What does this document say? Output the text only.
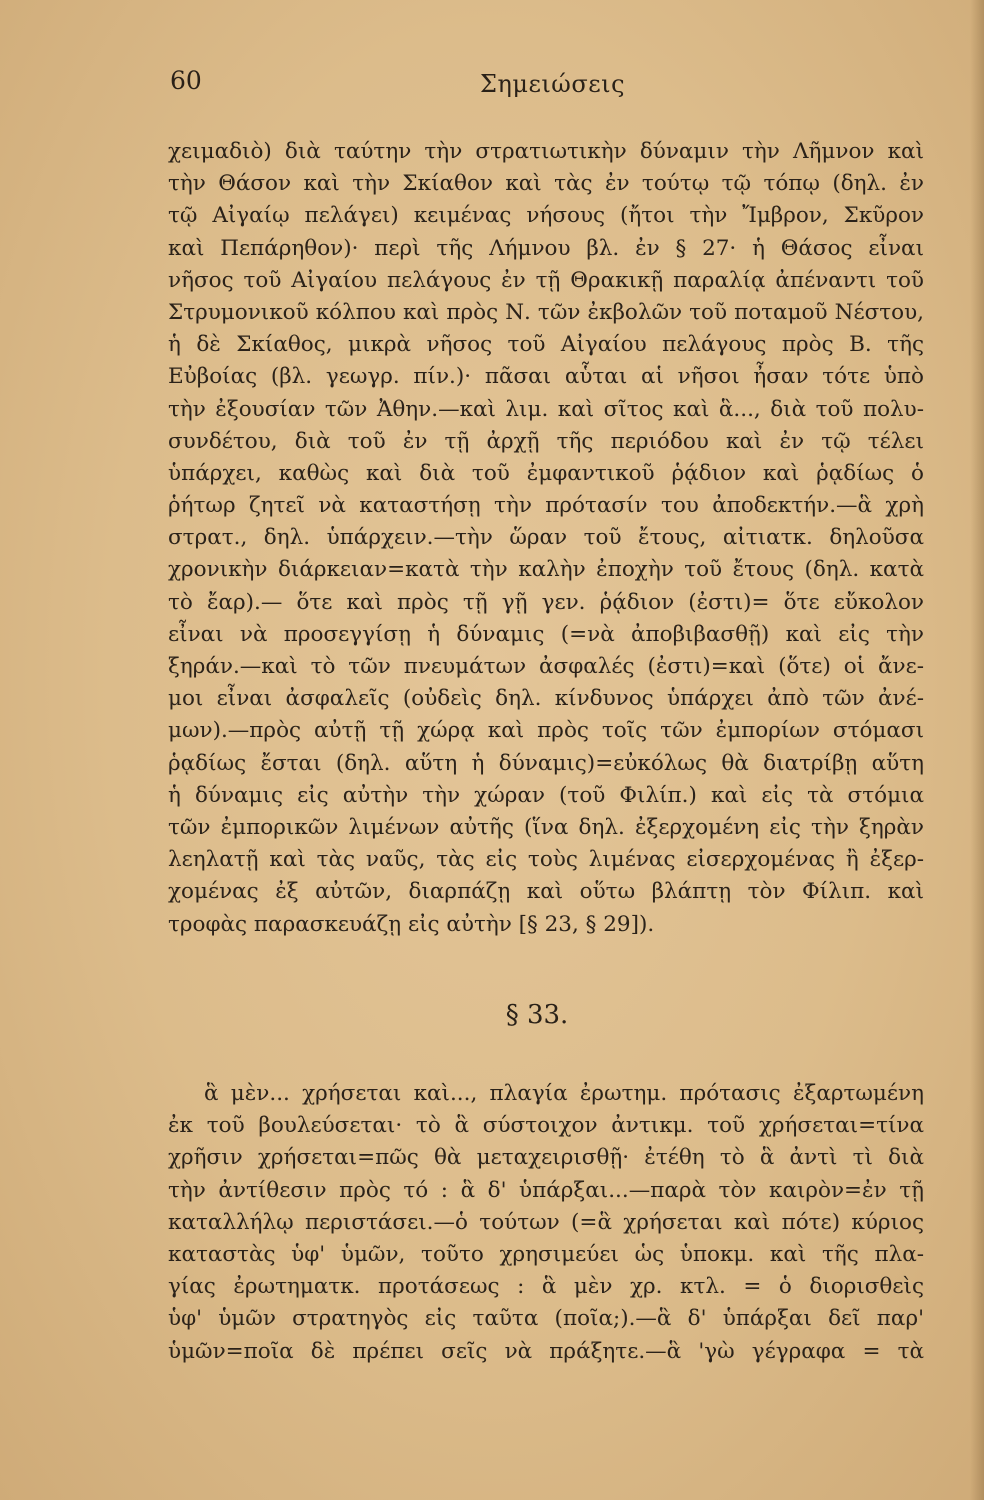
60	Σημειώσεις
χειμαδιὸ) διὰ ταύτην τὴν στρατιωτικὴν δύναμιν τὴν Λῆμνον καὶ
τὴν Θάσον καὶ τὴν Σκίαθον καὶ τὰς ἐν τούτῳ τῷ τόπῳ (δηλ. ἐν
τῷ Αἰγαίῳ πελάγει) κειμένας νήσους (ἤτοι τὴν Ἴμβρον, Σκῦρον
καὶ Πεπάρηθον)· περὶ τῆς Λήμνου βλ. ἐν § 27· ἡ Θάσος εἶναι
νῆσος τοῦ Αἰγαίου πελάγους ἐν τῇ Θρακικῇ παραλίᾳ ἀπέναντι τοῦ
Στρυμονικοῦ κόλπου καὶ πρὸς Ν. τῶν ἐκβολῶν τοῦ ποταμοῦ Νέστου,
ἡ δὲ Σκίαθος, μικρὰ νῆσος τοῦ Αἰγαίου πελάγους πρὸς Β. τῆς
Εὐβοίας (βλ. γεωγρ. πίν.)· πᾶσαι αὗται αἱ νῆσοι ἦσαν τότε ὑπὸ
τὴν ἐξουσίαν τῶν Ἀθην.—καὶ λιμ. καὶ σῖτος καὶ ἃ..., διὰ τοῦ πολυ-
συνδέτου, διὰ τοῦ ἐν τῇ ἀρχῇ τῆς περιόδου καὶ ἐν τῷ τέλει
ὑπάρχει, καθὼς καὶ διὰ τοῦ ἐμφαντικοῦ ῥᾴδιον καὶ ῥᾳδίως ὁ
ῥήτωρ ζητεῖ νὰ καταστήσῃ τὴν πρότασίν του ἀποδεκτήν.—ἃ χρὴ
στρατ., δηλ. ὑπάρχειν.—τὴν ὥραν τοῦ ἔτους, αἰτιατκ. δηλοῦσα
χρονικὴν διάρκειαν=κατὰ τὴν καλὴν ἐποχὴν τοῦ ἔτους (δηλ. κατὰ
τὸ ἔαρ).— ὅτε καὶ πρὸς τῇ γῇ γεν. ῥᾴδιον (ἐστι)= ὅτε εὔκολον
εἶναι νὰ προσεγγίσῃ ἡ δύναμις (=νὰ ἀποβιβασθῇ) καὶ εἰς τὴν
ξηράν.—καὶ τὸ τῶν πνευμάτων ἀσφαλές (ἐστι)=καὶ (ὅτε) οἱ ἄνε-
μοι εἶναι ἀσφαλεῖς (οὐδεὶς δηλ. κίνδυνος ὑπάρχει ἀπὸ τῶν ἀνέ-
μων).—πρὸς αὐτῇ τῇ χώρᾳ καὶ πρὸς τοῖς τῶν ἐμπορίων στόμασι
ῥᾳδίως ἔσται (δηλ. αὕτη ἡ δύναμις)=εὐκόλως θὰ διατρίβῃ αὕτη
ἡ δύναμις εἰς αὐτὴν τὴν χώραν (τοῦ Φιλίπ.) καὶ εἰς τὰ στόμια
τῶν ἐμπορικῶν λιμένων αὐτῆς (ἵνα δηλ. ἐξερχομένη εἰς τὴν ξηρὰν
λεηλατῇ καὶ τὰς ναῦς, τὰς εἰς τοὺς λιμένας εἰσερχομένας ἢ ἐξερ-
χομένας ἐξ αὐτῶν, διαρπάζῃ καὶ οὕτω βλάπτῃ τὸν Φίλιπ. καὶ
τροφὰς παρασκευάζῃ εἰς αὐτὴν [§ 23, § 29]).
§ 33.
ἃ μὲν... χρήσεται καὶ..., πλαγία ἐρωτημ. πρότασις ἐξαρτωμένη
ἐκ τοῦ βουλεύσεται· τὸ ἃ σύστοιχον ἀντικμ. τοῦ χρήσεται=τίνα
χρῆσιν χρήσεται=πῶς θὰ μεταχειρισθῇ· ἐτέθη τὸ ἃ ἀντὶ τὶ διὰ
τὴν ἀντίθεσιν πρὸς τό : ἃ δ' ὑπάρξαι...—παρὰ τὸν καιρὸν=ἐν τῇ
καταλλήλῳ περιστάσει.—ὁ τούτων (=ἃ χρήσεται καὶ πότε) κύριος
καταστὰς ὑφ' ὑμῶν, τοῦτο χρησιμεύει ὡς ὑποκμ. καὶ τῆς πλα-
γίας ἐρωτηματκ. προτάσεως : ἃ μὲν χρ. κτλ. = ὁ διορισθεὶς
ὑφ' ὑμῶν στρατηγὸς εἰς ταῦτα (ποῖα;).—ἃ δ' ὑπάρξαι δεῖ παρ'
ὑμῶν=ποῖα δὲ πρέπει σεῖς νὰ πράξητε.—ἃ 'γὼ γέγραφα = τὰ
